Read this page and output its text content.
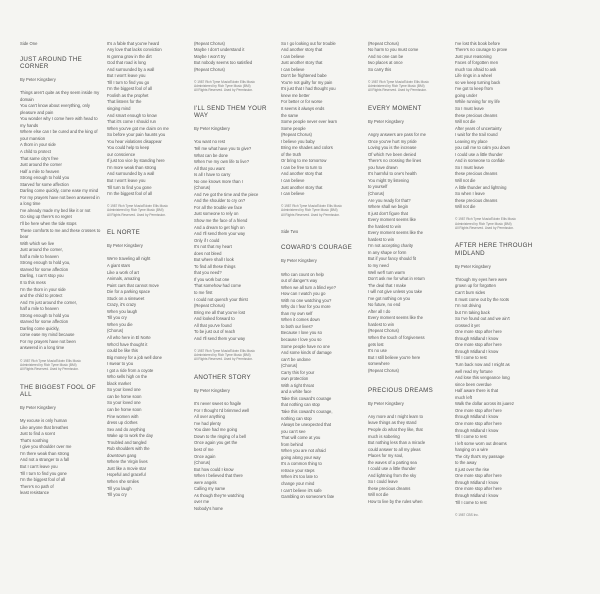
Side One

JUST AROUND THE CORNER

By Peter Kingsbery

Things aren't quite as they seem inside my domain
You can't know about everything, only pleasure and pain
You wonder why I come here with head to my hands
Where else can I be cured and the king of your mansion
A thorn in your side
A child to protect
That same city's free
Just around the corner
Half a mile to heaven
Strong enough to hold you
Starved for some affection
Darling come quickly, come ease my mind
For my prayers have not been answered in a long time
I've already made my bed like it or not
Go sing up there's no regret
I'll be here when the tide stops
These comforts to me and these crosses to bear
With which we live
Just around the corner,
half a mile to heaven
Strong enough to hold you,
starved for some affection
Darling, I can't stop you
It to this mess
I'm the thorn in your side
and the child to protect
And I'm just around the corner,
half a mile to heaven
Strong enough to hold you
starved for some affection
Darling come quickly,
come ease my mind because
For my prayers have not been
answered in a long time

© 1987 Rich Tyme Music/Edwin Ellis Music
Administered by Rich Tyme Music (BMI)
All Rights Reserved. Used by Permission.

THE BIGGEST FOOL OF ALL

By Peter Kingsbery

My excuse is only human
Like anyone that breathes
Just to find a scent
That's soothing
I give you shoulder over me
I'm there weak than strong
And not a stranger to a fall
But I can't leave you
Till I turn to find you gone
I'm the biggest fool of all
There's no path of
least resistance

It's a fable that you've heard
Any love that lacks conviction
Is gonna grow in the dirt
God that road is long
And surrounded by a wall
But I won't leave you
Till I turn to find you go
I'm the biggest fool of all
Foolish as the prophet
That listens for the
singing mind
And smart enough to know
That it's come I should run
When you've got me claim on me
So before your pain haunts you
You hear violations disappear
You could help to keep
our conscience
If just too vice by standing here
I'm more weak than strong
And surrounded by a wall
But I won't leave you
Till turn to find you gone
I'm the biggest fool of all

© 1987 Rich Tyme Music/Edwin Ellis Music
Administered by Rich Tyme Music (BMI)
All Rights Reserved. Used by Permission.

EL NORTE

By Peter Kingsbery

We're traveling all night
A giant stars
Like a work of art
Animals, amazing
Paint cars that cannot move
Die for a parking space
Stuck on a sinsweet
Crazy, it's crazy
When you laugh
Till you cry
When you die
(Chorus)
All who here in El Norte
Who'd have thought it
could be like this
Big money for a job well done
I swear to you
I got a ride from a coyote
Who sells high on the
black market
So your loved one
can be home soon
So your loved one
can be home soon
Fine women with
dress up clothes
Sex and do anything
Wake up to work the day
Troubled and tangled
Rub shoulders with the
downtown gang
Where the Virgin lives
Just like a movie star
Hopeful and graceful
When she smiles
Till you laugh
Till you cry

(Repeat Chorus)
Maybe I don't understand it
Maybe I won't try
But nobody seems too satisfied
(Repeat Chorus)

© 1987 Rich Tyme Music/Edwin Ellis Music
Administered by Rich Tyme Music (BMI)
All Rights Reserved. Used by Permission.

I'LL SEND THEM YOUR WAY

By Peter Kingsbery

You want no rest
Tell me what have you to give?
What can be done
When I've my own life to live?
All that you want
Is all I have to carry
No one knows more than I
(Chorus)
And I've got the time and the piece
And the shoulder to cry on?
For all the trouble we face
Just someone to rely on
Show me the face of a friend
And a dream to get high on
And I'll send them your way
Only if I could
It's not that my heart
does not bleed
But where shall I look
To find all these things
that you need?
If you work but one
That somehow had come
to me first
I could not quench your thirst
(Repeat Chorus)
Bring me all that you've lost
And looked forward to
All that you've found
To be just out of reach
And I'll send them your way

© 1987 Rich Tyme Music/Edwin Ellis Music
Administered by Rich Tyme Music (BMI)
All Rights Reserved. Used by Permission.

ANOTHER STORY

By Peter Kingsbery

It's never sweet so fragile
For I thought I'd brimmed well
All over anything
I've had plenty
You dare had me going
Down to the ringing of a bell
Once again you get the
best of me
Once again
(Chorus)
But how could I know
When I believed that there
were angels
Calling my name
As though they're watching
over me
Nobody's home

So I go looking out for trouble
And another story that
I can believe
Just another story that
I can believe
Don't be frightened babe
You're not guilty for my pain
It's just that I had thought you
knew me better
For better or for worse
It seems it always ends
the same
Some people never ever learn
Some people
(Repeat Chorus)
I believe you baby
Bring me shades and colors
of the truth
Or bring to me tomorrow
I can be free to turn to
And another story that
I can believe
Just another story that
I can believe

© 1987 Rich Tyme Music/Edwin Ellis Music
Administered by Rich Tyme Music (BMI)
All Rights Reserved. Used by Permission.

Side Two

COWARD'S COURAGE

By Peter Kingsbery

Who can count on help
out of danger's way
When we all turn a blind eye?
How can I watch you go
With no one watching you?
Why do I fear for you more
than my own self
When it comes down
to both our lives?
Because I love you so
because I love you so
Some people have no one
And some kinds of damage
can't be undone
(Chorus)
Carry this for your
own protection
With a tight throat
and a white face
Take this coward's courage
that nothing can stop
Take this coward's courage,
nothing can stop
Always be unexpected that
you can't see
That will come at you
from behind
When you are not afraid
going along your way
It's a common thing to
retrace your steps
When it's too late to
change your mind
I can't believe it's safe
Gambling on someone's fate

(Repeat Chorus)
No harm to you must come
And no one can be
two places at once
So carry this

© 1987 Rich Tyme Music/Edwin Ellis Music
Administered by Rich Tyme Music (BMI)
All Rights Reserved. Used by Permission.

EVERY MOMENT

By Peter Kingsbery

Angry answers are pass for me
Once you've hurt my pride
Loving you is the increase
Of which I've been denied
There's no crossing the lines
you have drawn
It's harmful to one's health
You might try listening
to yourself
(Chorus)
Are you ready for that?
Where shall we begin
It just don't figure that
Every moment seems like
the hardest to win
Every moment seems like the
hardest to win
I'm not accepting charity
In any shape or form
But if your fancy should fit
to my need
Well we'll turn warm
Don't ask me for what in return
The deal that I make
I will not give unless you take
I've got nothing on you
No future, no end
After all I do
Every moment seems like the
hardest to win
(Repeat Chorus)
When the touch of forgiveness
gets lost
It's no use
But I still believe you're here
somewhere
(Repeat Chorus)

PRECIOUS DREAMS

By Peter Kingsbery

Any more and I might learn to
leave things as they stand
People do what they like, that
much is sobering
But nothing less than a miracle
could answer to all my pleas
Places for my soul,
the waves of a parting sea
I could use a little thunder
And lightning from the sky
So I could leave
these precious dreams
Will not die
How to live by the rules when

I've lost this book before
There's no courage to prove
Just your reasoning
Faces of forgotten men
much too afraid to ask
Life rings in a wheel
so we keep turning back
I've got to keep from
going under
While running for my life
So I must leave
these precious dreams
Will not die
After years of uncertainty
I wait for the trail round
Leaving my place
you call me to calm you down
I could use a little thunder
And in someone to confide
So I must leave
these precious dreams
Will not die
A little thunder and lightning
So when I leave
these precious dreams
Will not die

© 1987 Rich Tyme Music/Edwin Ellis Music
Administered by Rich Tyme Music (BMI)
All Rights Reserved. Used by Permission.

AFTER HERE THROUGH MIDLAND

By Peter Kingsbery

Through my eyes here were
grown up for forgotten
Can't burn sides
It must come out by the roots
I'm not driving
but I'm taking back
So I've found out and we ain't
crossed it yet
One more stop after here
through Midland I know
One more stop after here
through Midland I know
Till I come to rest
Turn back now and I might as
well read my fortune
And lose this vengeance long
since been overdue
Half aware there is that
much left
Walk the dollar across its juarez
One more stop after here
through Midland I know
One more stop after here
through Midland I know
Till I come to rest
I left some worn out dreams
hanging on a wire
The city that's my passage
to the away
It just over the rise
One more stop after here
through Midland I know
One more stop after here
through Midland I know
Till I come to rest

© 1987 CBS Inc.
